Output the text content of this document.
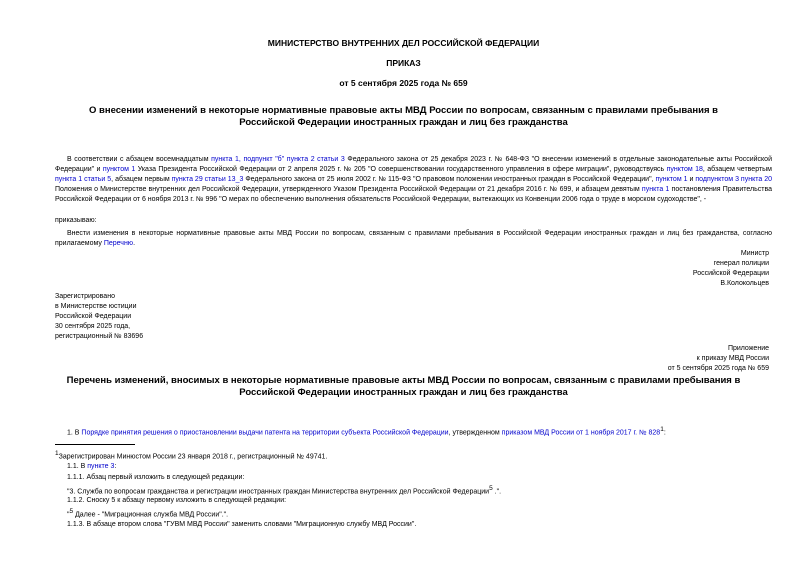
МИНИСТЕРСТВО ВНУТРЕННИХ ДЕЛ РОССИЙСКОЙ ФЕДЕРАЦИИ
ПРИКАЗ
от 5 сентября 2025 года № 659
О внесении изменений в некоторые нормативные правовые акты МВД России по вопросам, связанным с правилами пребывания в Российской Федерации иностранных граждан и лиц без гражданства
В соответствии с абзацем восемнадцатым пункта 1, подпункт "б" пункта 2 статьи 3 Федерального закона от 25 декабря 2023 г. № 648-ФЗ "О внесении изменений в отдельные законодательные акты Российской Федерации" и пунктом 1 Указа Президента Российской Федерации от 2 апреля 2025 г. № 205 "О совершенствовании государственного управления в сфере миграции", руководствуясь пунктом 18, абзацем четвертым пункта 1 статьи 5, абзацем первым пункта 29 статьи 13_3 Федерального закона от 25 июля 2002 г. № 115-ФЗ "О правовом положении иностранных граждан в Российской Федерации", пунктом 1 и подпунктом 3 пункта 20 Положения о Министерстве внутренних дел Российской Федерации, утвержденного Указом Президента Российской Федерации от 21 декабря 2016 г. № 699, и абзацем девятым пункта 1 постановления Правительства Российской Федерации от 6 ноября 2013 г. № 996 "О мерах по обеспечению выполнения обязательств Российской Федерации, вытекающих из Конвенции 2006 года о труде в морском судоходстве", -
приказываю:
Внести изменения в некоторые нормативные правовые акты МВД России по вопросам, связанным с правилами пребывания в Российской Федерации иностранных граждан и лиц без гражданства, согласно прилагаемому Перечню.
Министр
генерал полиции
Российской Федерации
В.Колокольцев
Зарегистрировано
в Министерстве юстиции
Российской Федерации
30 сентября 2025 года,
регистрационный № 83696
Приложение
к приказу МВД России
от 5 сентября 2025 года № 659
Перечень изменений, вносимых в некоторые нормативные правовые акты МВД России по вопросам, связанным с правилами пребывания в Российской Федерации иностранных граждан и лиц без гражданства
1. В Порядке принятия решения о приостановлении выдачи патента на территории субъекта Российской Федерации, утвержденном приказом МВД России от 1 ноября 2017 г. № $828^1$:
$^1$Зарегистрирован Минюстом России 23 января 2018 г., регистрационный № 49741.
1.1. В пункте 3:
1.1.1. Абзац первый изложить в следующей редакции:
"3. Служба по вопросам гражданства и регистрации иностранных граждан Министерства внутренних дел Российской Федерации$^5$ .".
1.1.2. Сноску 5 к абзацу первому изложить в следующей редакции:
"$^5$ Далее - "Миграционная служба МВД России".".
1.1.3. В абзаце втором слова "ГУВМ МВД России" заменить словами "Миграционную службу МВД России".
